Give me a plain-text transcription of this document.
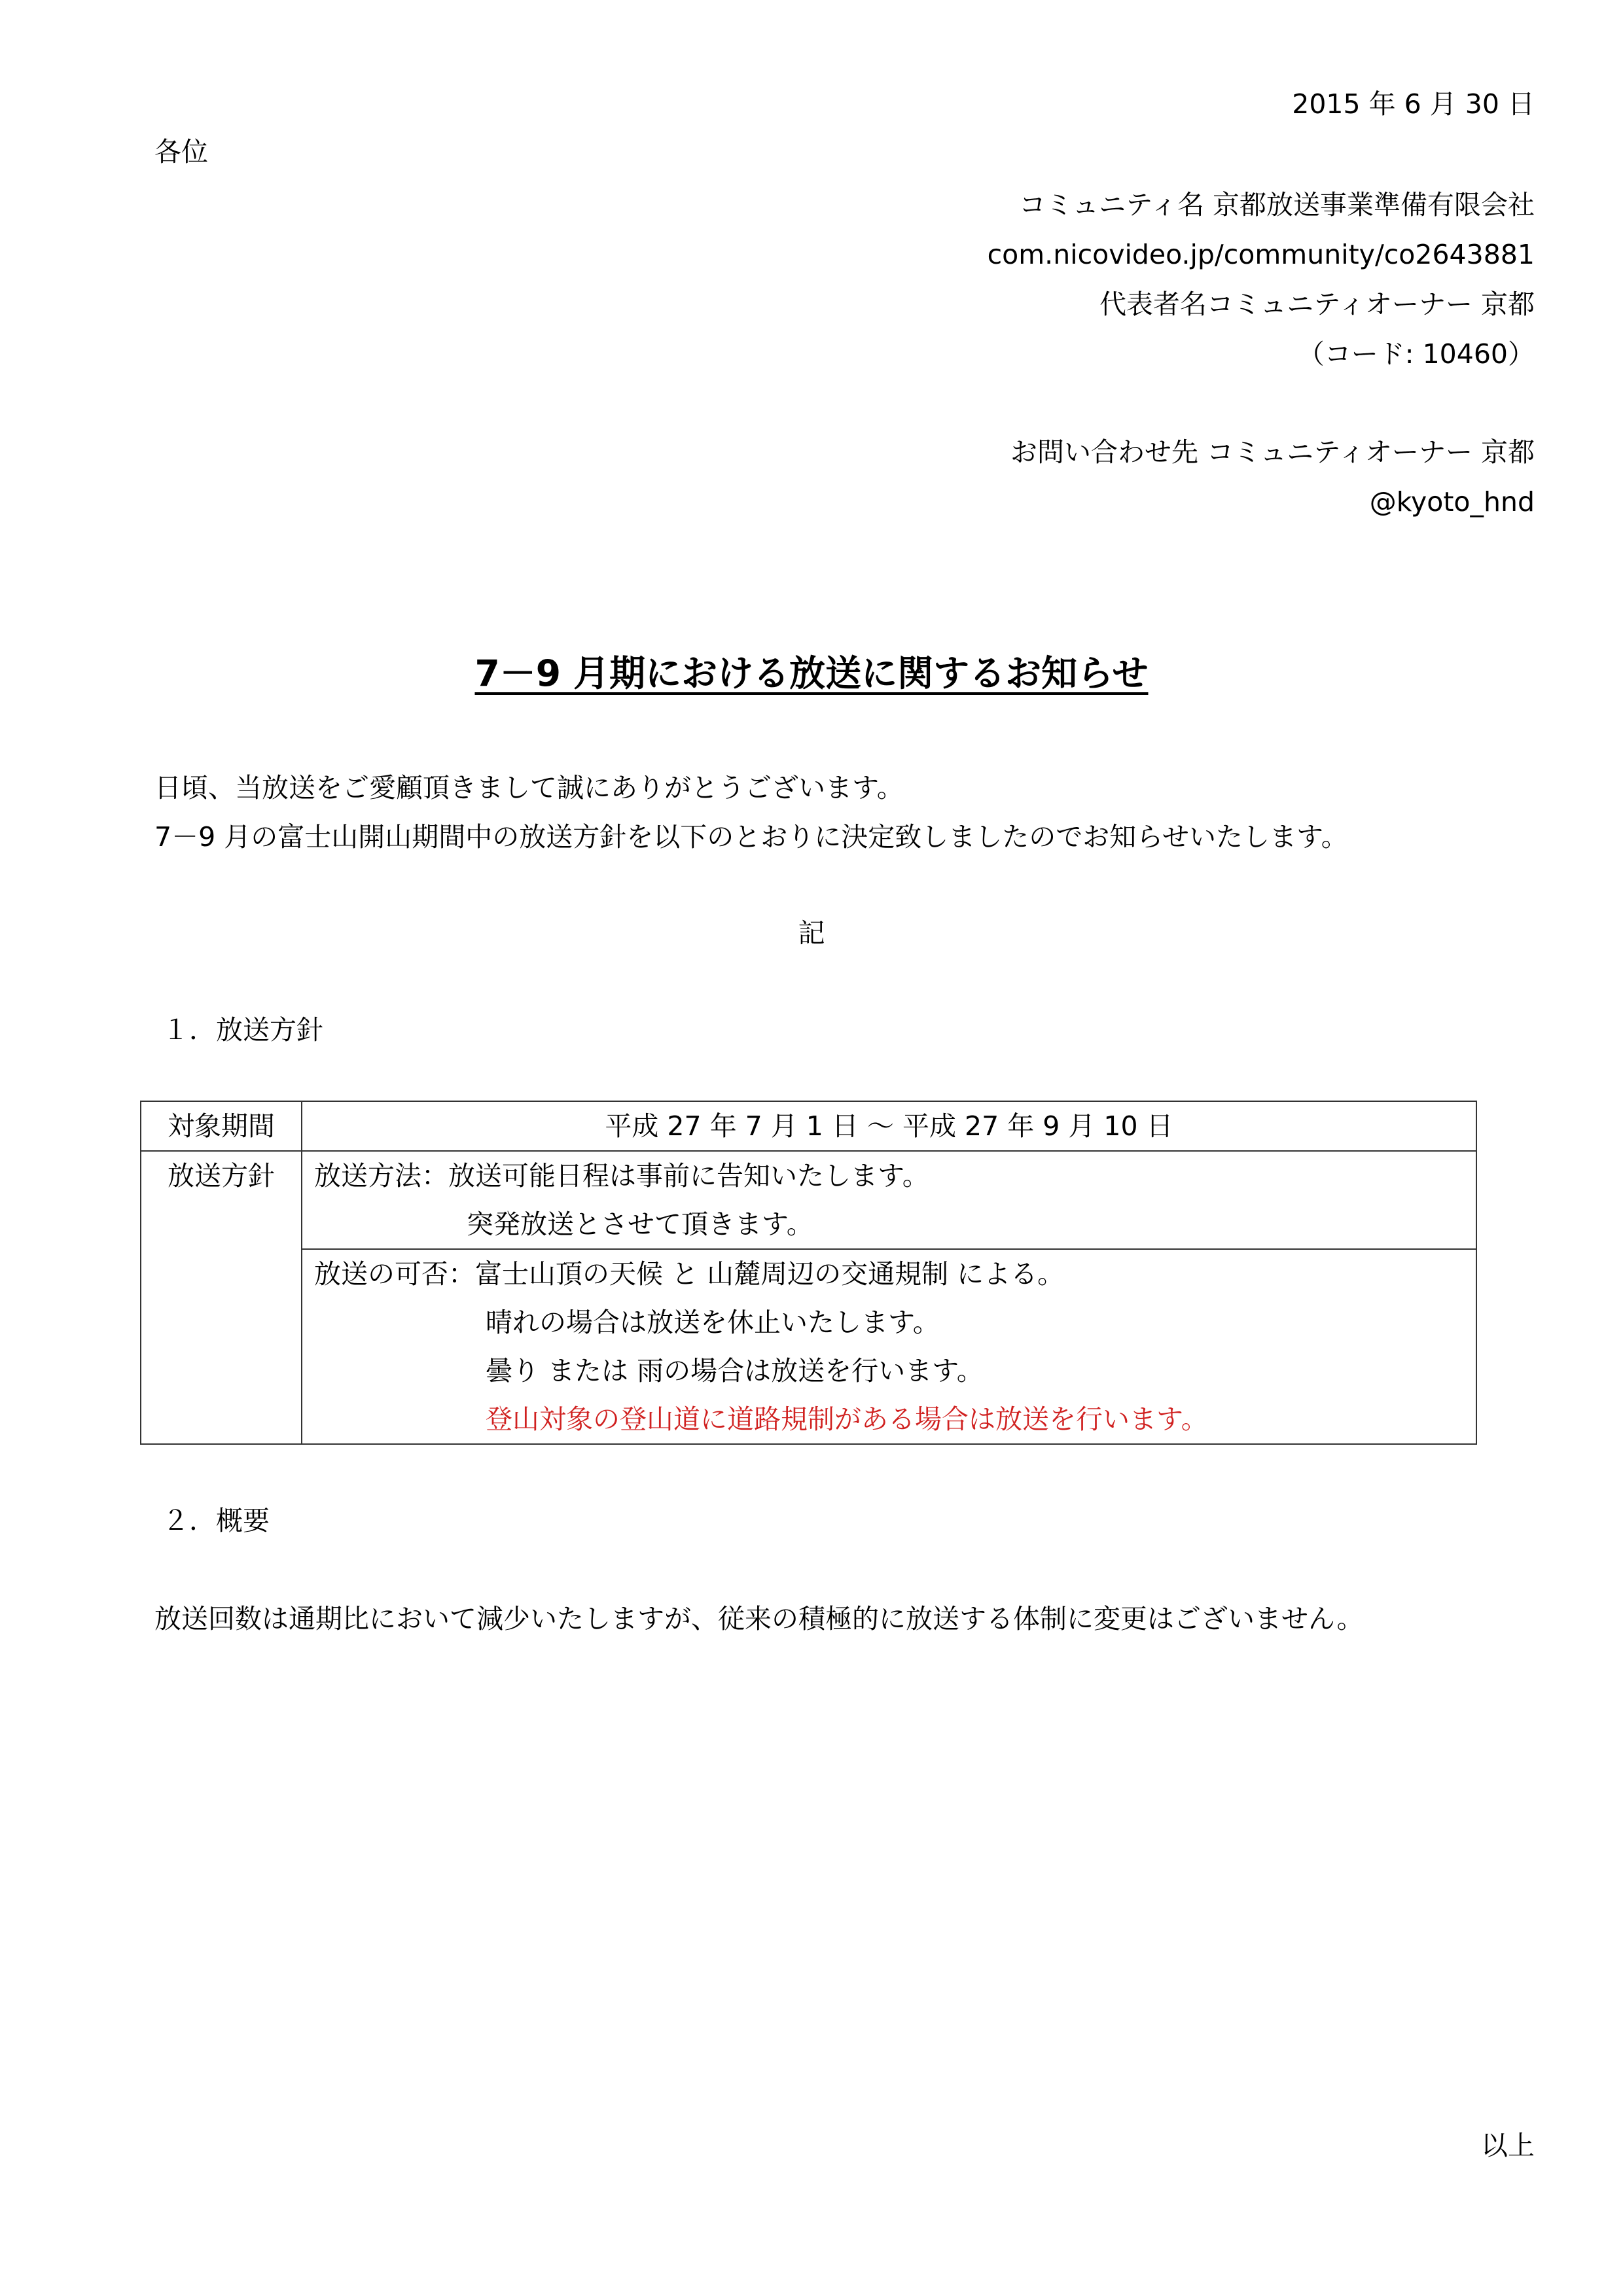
2015 年 6 月 30 日
各位
コミュニティ名 京都放送事業準備有限会社
com.nicovideo.jp/community/co2643881
代表者名コミュニティオーナー 京都
（コード: 10460）
お問い合わせ先 コミュニティオーナー 京都
@kyoto_hnd
7－9 月期における放送に関するお知らせ
日頃、当放送をご愛顧頂きまして誠にありがとうございます。
7－9 月の富士山開山期間中の放送方針を以下のとおりに決定致しましたのでお知らせいたします。
記
１．放送方針
対象期間	平成 27 年 7 月 1 日 ～ 平成 27 年 9 月 10 日
放送方針	放送方法：放送可能日程は事前に告知いたします。
突発放送とさせて頂きます。

	放送の可否：富士山頂の天候 と 山麓周辺の交通規制 による。
晴れの場合は放送を休止いたします。
曇り または 雨の場合は放送を行います。
登山対象の登山道に道路規制がある場合は放送を行います。
２．概要
放送回数は通期比において減少いたしますが、従来の積極的に放送する体制に変更はございません。
以上
